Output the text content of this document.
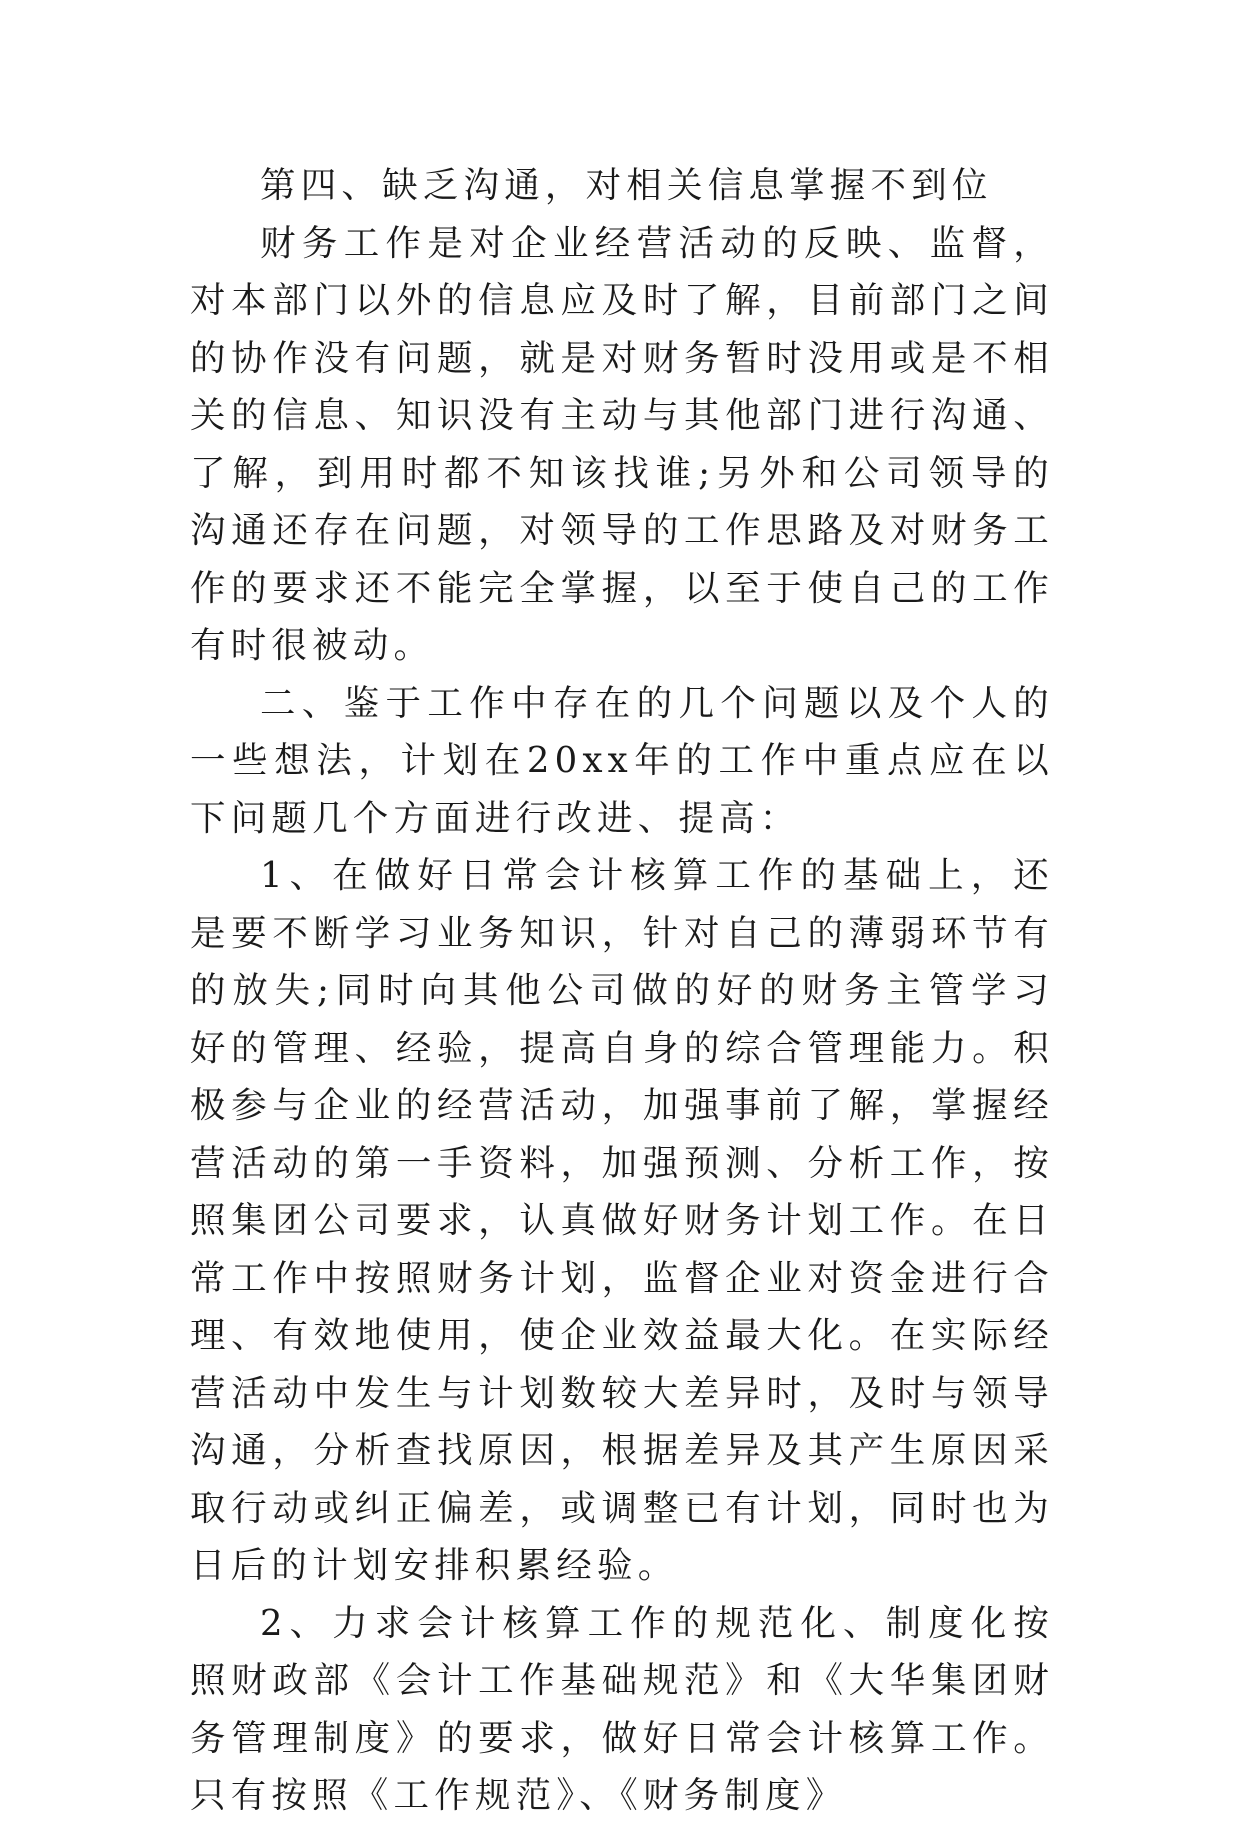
第四、缺乏沟通，对相关信息掌握不到位

财务工作是对企业经营活动的反映、监督，对本部门以外的信息应及时了解，目前部门之间的协作没有问题，就是对财务暂时没用或是不相关的信息、知识没有主动与其他部门进行沟通、了解，到用时都不知该找谁;另外和公司领导的沟通还存在问题，对领导的工作思路及对财务工作的要求还不能完全掌握，以至于使自己的工作有时很被动。

二、鉴于工作中存在的几个问题以及个人的一些想法，计划在20xx年的工作中重点应在以下问题几个方面进行改进、提高：

1、在做好日常会计核算工作的基础上，还是要不断学习业务知识，针对自己的薄弱环节有的放失;同时向其他公司做的好的财务主管学习好的管理、经验，提高自身的综合管理能力。积极参与企业的经营活动，加强事前了解，掌握经营活动的第一手资料，加强预测、分析工作，按照集团公司要求，认真做好财务计划工作。在日常工作中按照财务计划，监督企业对资金进行合理、有效地使用，使企业效益最大化。在实际经营活动中发生与计划数较大差异时，及时与领导沟通，分析查找原因，根据差异及其产生原因采取行动或纠正偏差，或调整已有计划，同时也为日后的计划安排积累经验。

2、力求会计核算工作的规范化、制度化按照财政部《会计工作基础规范》和《大华集团财务管理制度》的要求，做好日常会计核算工作。只有按照《工作规范》、《财务制度》
